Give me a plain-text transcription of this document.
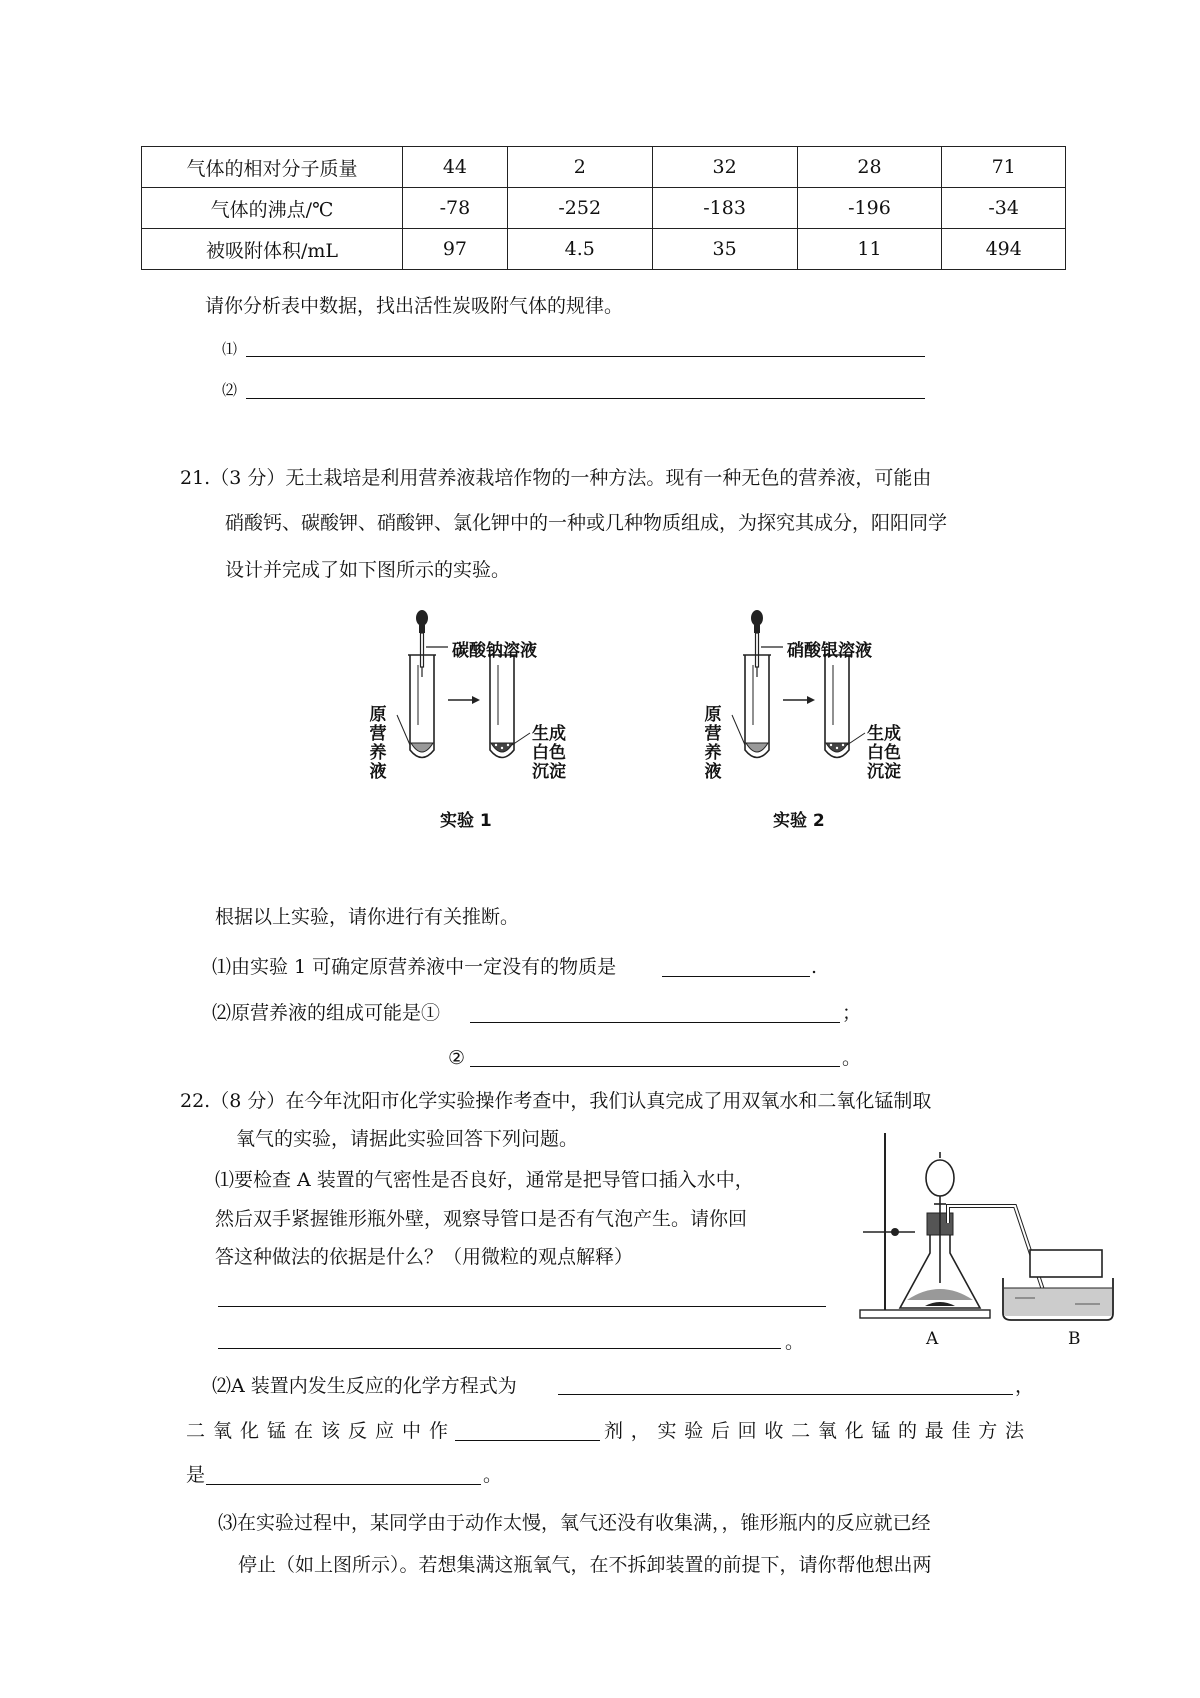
气体的相对分子质量	44	2	32	28	71
气体的沸点/℃	-78	-252	-183	-196	-34
被吸附体积/mL	97	4.5	35	11	494
请你分析表中数据，找出活性炭吸附气体的规律。
⑴
⑵
21.（3 分）无土栽培是利用营养液栽培作物的一种方法。现有一种无色的营养液，可能由
硝酸钙、碳酸钾、硝酸钾、氯化钾中的一种或几种物质组成，为探究其成分，阳阳同学
设计并完成了如下图所示的实验。
碳酸钠溶液
原营养液
生成白色沉淀
实验 1
硝酸银溶液
原营养液
生成白色沉淀
实验 2
根据以上实验，请你进行有关推断。
⑴由实验 1 可确定原营养液中一定没有的物质是	.
⑵原营养液的组成可能是①	；
②	。
22.（8 分）在今年沈阳市化学实验操作考查中，我们认真完成了用双氧水和二氧化锰制取
氧气的实验，请据此实验回答下列问题。
⑴要检查 A 装置的气密性是否良好，通常是把导管口插入水中，
然后双手紧握锥形瓶外壁，观察导管口是否有气泡产生。请你回
答这种做法的依据是什么？（用微粒的观点解释）
。	A	B
⑵A 装置内发生反应的化学方程式为	，
二氧化锰在该反应中作	剂，实验后回收二氧化锰的最佳方法
是	。
⑶在实验过程中，某同学由于动作太慢，氧气还没有收集满，，锥形瓶内的反应就已经
停止（如上图所示）。若想集满这瓶氧气，在不拆卸装置的前提下，请你帮他想出两
